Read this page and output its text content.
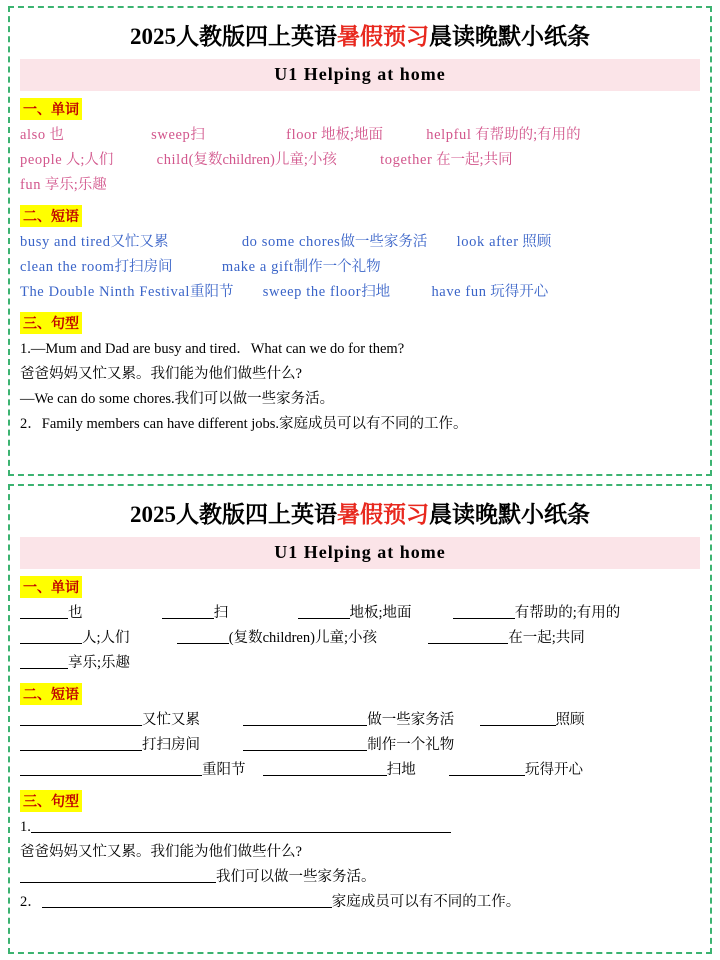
2025人教版四上英语暑假预习晨读晚默小纸条
U1 Helping at home
一、单词
also 也	sweep扫	floor 地板;地面	helpful 有帮助的;有用的
people 人;人们	child(复数children)儿童;小孩	together 在一起;共同
fun 享乐;乐趣
二、短语
busy and tired又忙又累	do some chores做一些家务活 look after 照顾
clean the room打扫房间	make a gift制作一个礼物
The Double Ninth Festival重阳节 sweep the floor扫地	have fun 玩得开心
三、句型
1.—Mum and Dad are busy and tired．What can we do for them?
爸爸妈妈又忙又累。我们能为他们做些什么?
—We can do some chores.我们可以做一些家务活。
2．Family members can have different jobs.家庭成员可以有不同的工作。
2025人教版四上英语暑假预习晨读晚默小纸条
U1 Helping at home
一、单词
也	扫	地板;地面	有帮助的;有用的
人;人们	(复数children)儿童;小孩	在一起;共同
享乐;乐趣
二、短语
又忙又累	做一些家务活	照顾
打扫房间	制作一个礼物
重阳节	扫地	玩得开心
三、句型
1.
爸爸妈妈又忙又累。我们能为他们做些什么?
我们可以做一些家务活。
2．	家庭成员可以有不同的工作。
